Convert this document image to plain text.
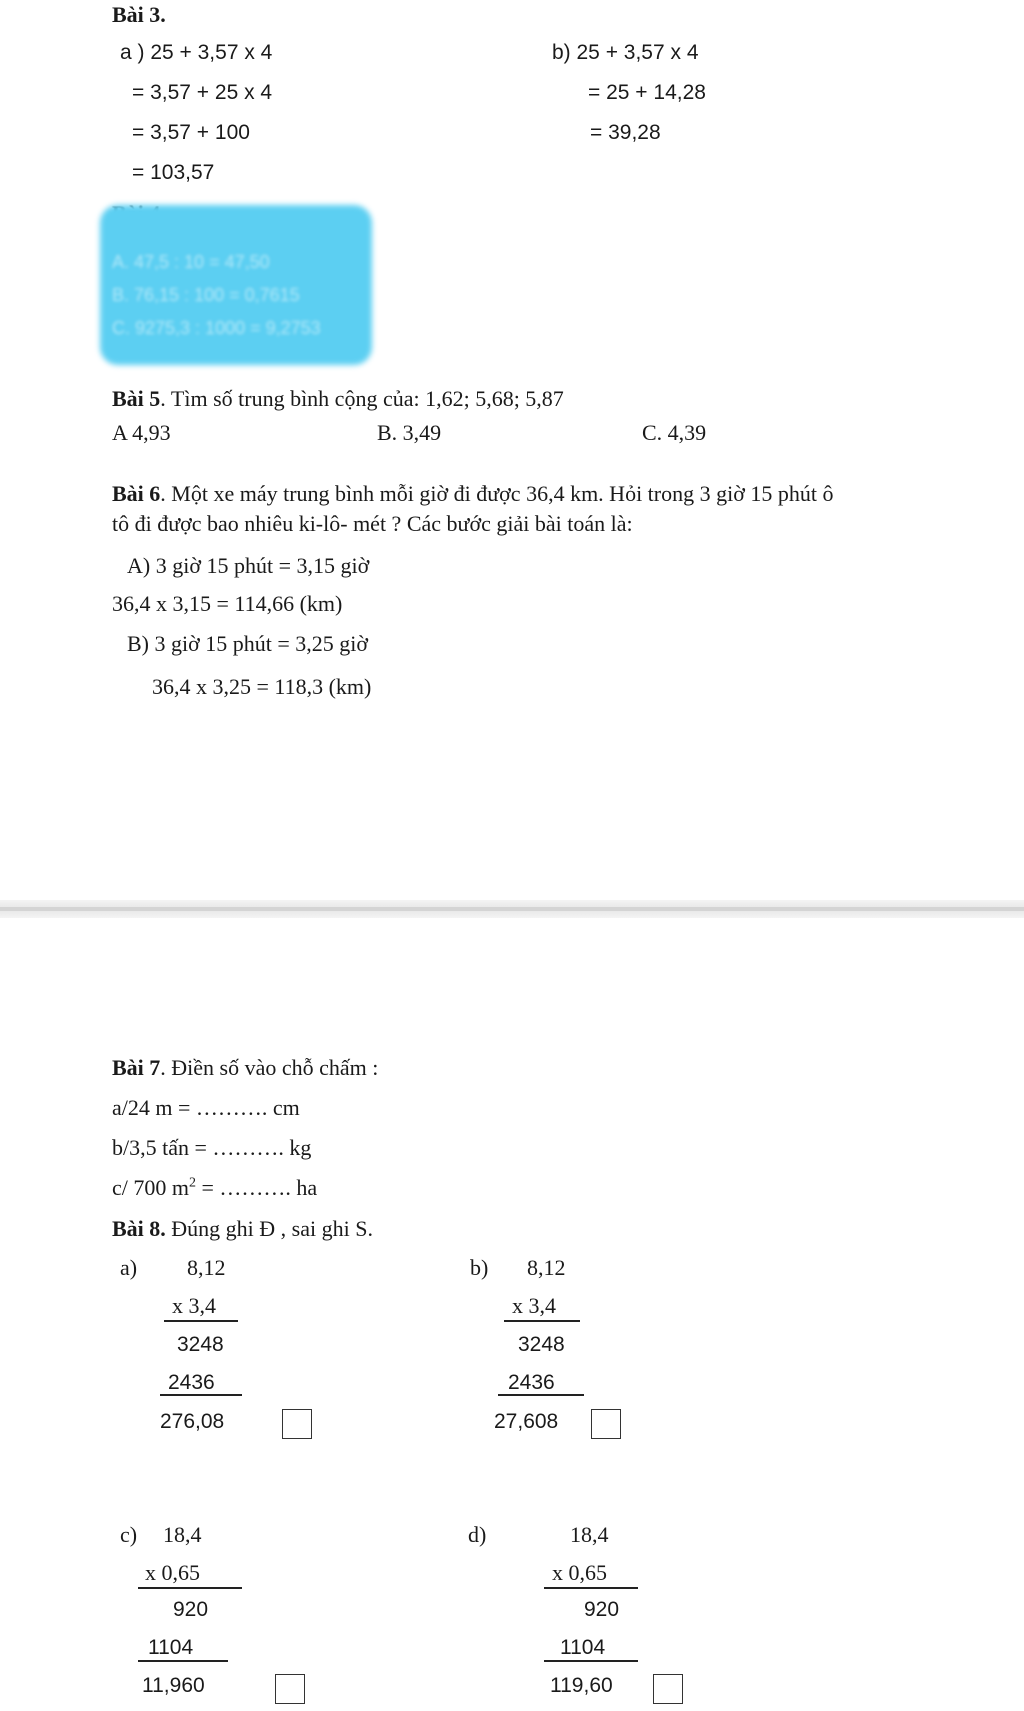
Bài 3.
a ) 25 + 3,57 x 4
= 3,57 + 25 x 4
= 3,57 + 100
= 103,57
b) 25 + 3,57 x 4
= 25 + 14,28
= 39,28
A. 47,5 : 10 = 47,50
B. 76,15 : 100 = 0,7615
C. 9275,3 : 1000 = 9,2753
Bài 5. Tìm số trung bình cộng của: 1,62; 5,68; 5,87
A 4,93	B. 3,49	C. 4,39
Bài 6. Một xe máy trung bình mỗi giờ đi được 36,4 km. Hỏi trong 3 giờ 15 phút ô
tô đi được bao nhiêu ki-lô- mét ? Các bước giải bài toán là:
A) 3 giờ 15 phút = 3,15 giờ
36,4 x 3,15 = 114,66 (km)
B) 3 giờ 15 phút = 3,25 giờ
36,4 x 3,25 = 118,3 (km)
Bài 7. Điền số vào chỗ chấm :
a/24 m = ………. cm
b/3,5 tấn = ………. kg
c/ 700 $m^2$ = ………. ha
Bài 8. Đúng ghi Đ , sai ghi S.
a) 8,12
x 3,4
3248
2436
276,08
b) 8,12
x 3,4
3248
2436
27,608
c) 18,4
x 0,65
920
1104
11,960
d)	18,4
x 0,65
920
1104
119,60
